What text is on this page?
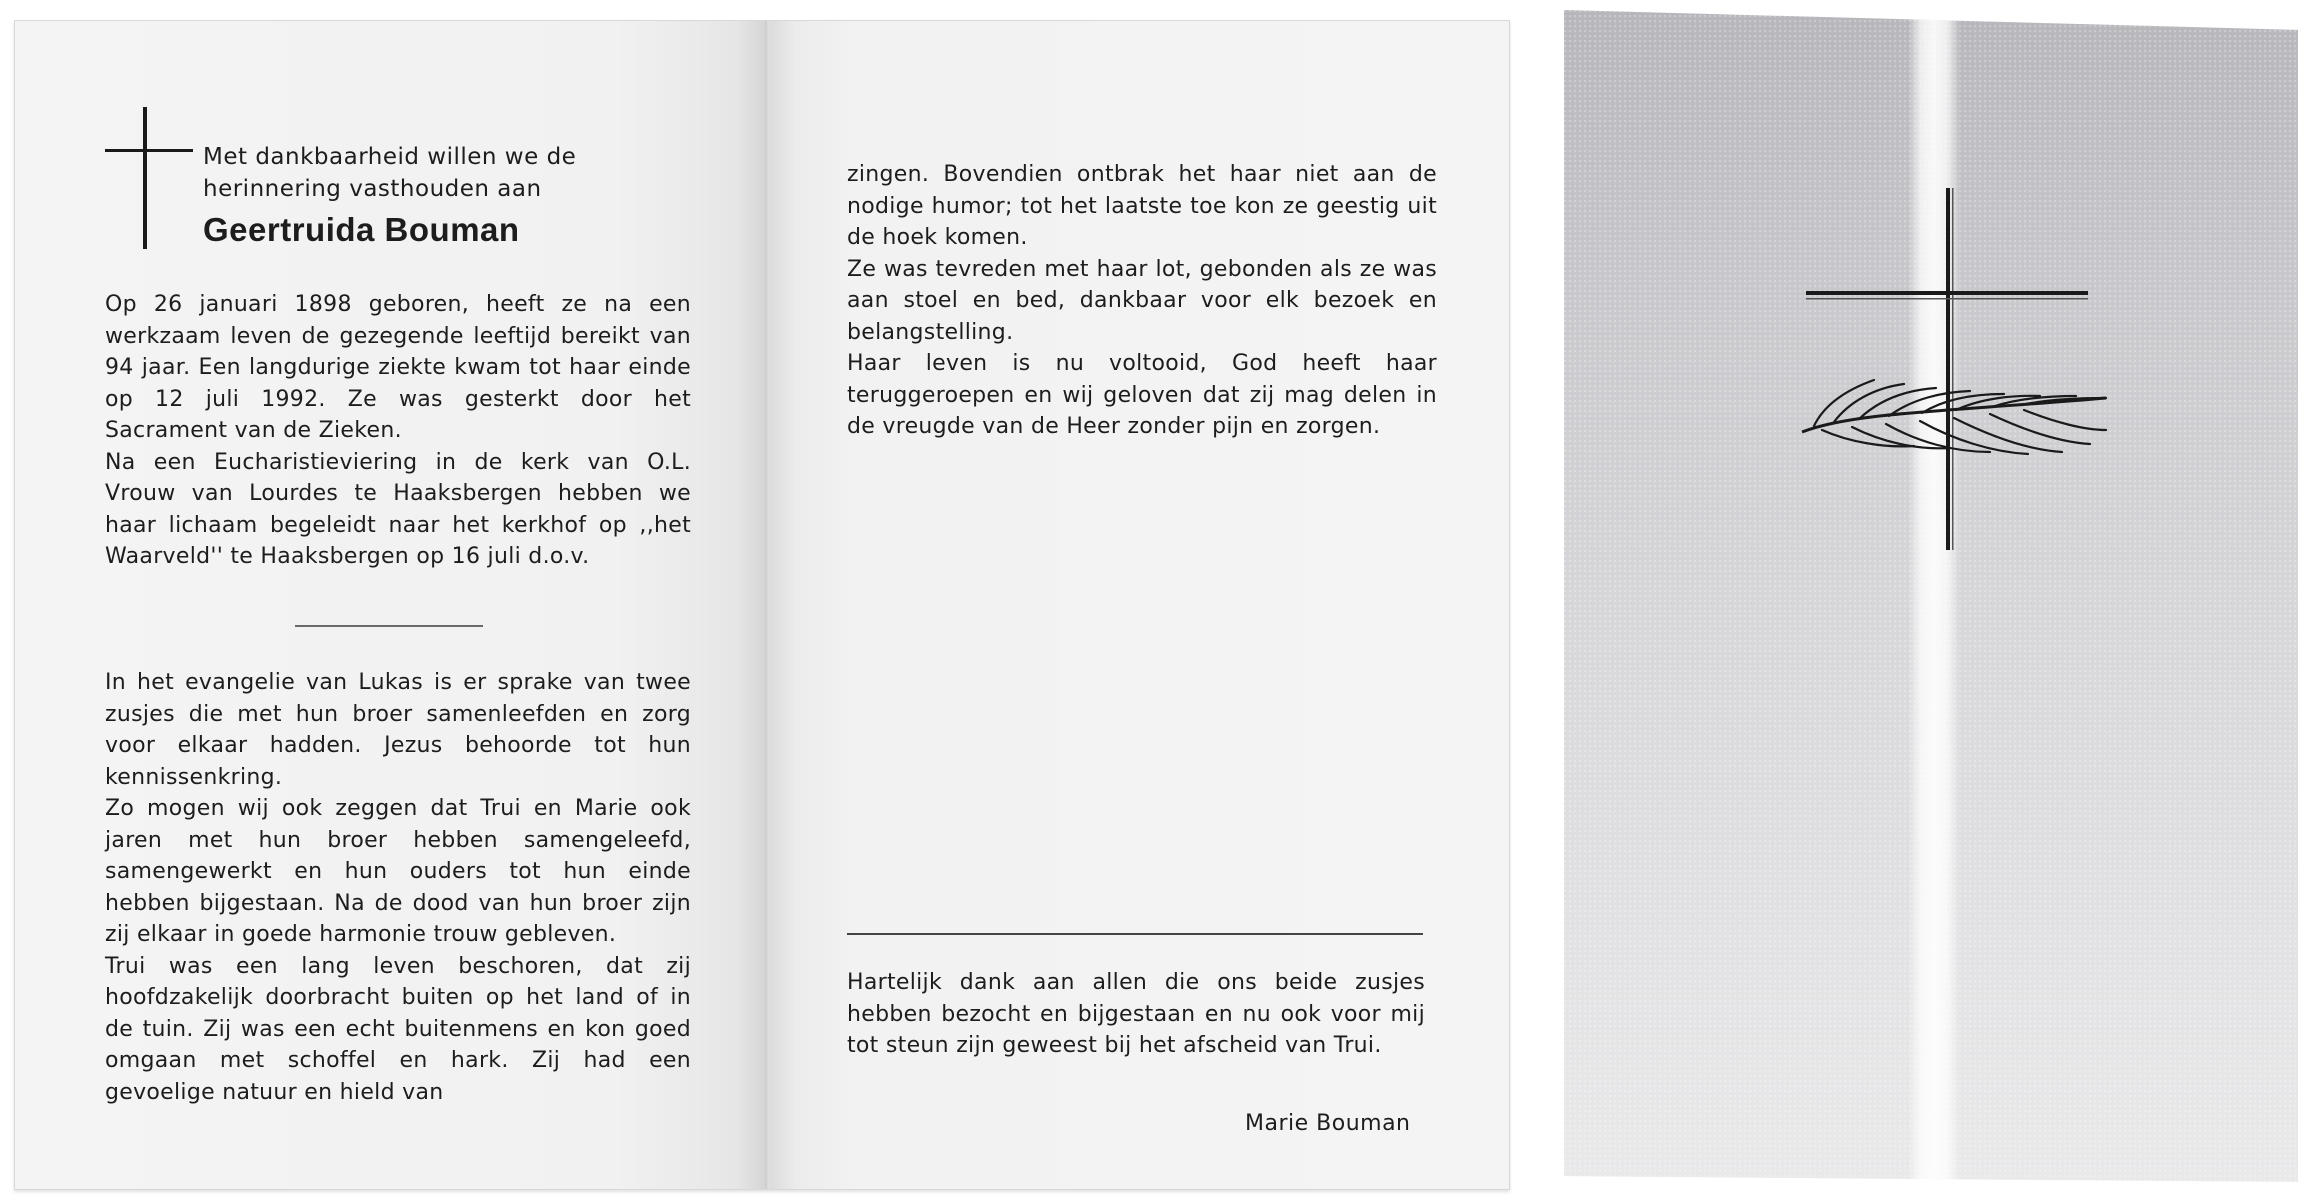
Met dankbaarheid willen we de
herinnering vasthouden aan
Geertruida Bouman

Op 26 januari 1898 geboren, heeft ze na een werkzaam leven de gezegende leeftijd bereikt van 94 jaar. Een langdurige ziekte kwam tot haar einde op 12 juli 1992. Ze was gesterkt door het Sacrament van de Zieken.

Na een Eucharistieviering in de kerk van O.L. Vrouw van Lourdes te Haaksbergen hebben we haar lichaam begeleidt naar het kerkhof op ,,het Waarveld'' te Haaksbergen op 16 juli d.o.v.

In het evangelie van Lukas is er sprake van twee zusjes die met hun broer samenleefden en zorg voor elkaar hadden. Jezus behoorde tot hun kennissenkring.

Zo mogen wij ook zeggen dat Trui en Marie ook jaren met hun broer hebben samengeleefd, samengewerkt en hun ouders tot hun einde hebben bijgestaan. Na de dood van hun broer zijn zij elkaar in goede harmonie trouw gebleven.

Trui was een lang leven beschoren, dat zij hoofdzakelijk doorbracht buiten op het land of in de tuin. Zij was een echt buitenmens en kon goed omgaan met schoffel en hark. Zij had een gevoelige natuur en hield van

zingen. Bovendien ontbrak het haar niet aan de nodige humor; tot het laatste toe kon ze geestig uit de hoek komen.

Ze was tevreden met haar lot, gebonden als ze was aan stoel en bed, dankbaar voor elk bezoek en belangstelling.

Haar leven is nu voltooid, God heeft haar teruggeroepen en wij geloven dat zij mag delen in de vreugde van de Heer zonder pijn en zorgen.

Hartelijk dank aan allen die ons beide zusjes hebben bezocht en bijgestaan en nu ook voor mij tot steun zijn geweest bij het afscheid van Trui.

Marie Bouman
